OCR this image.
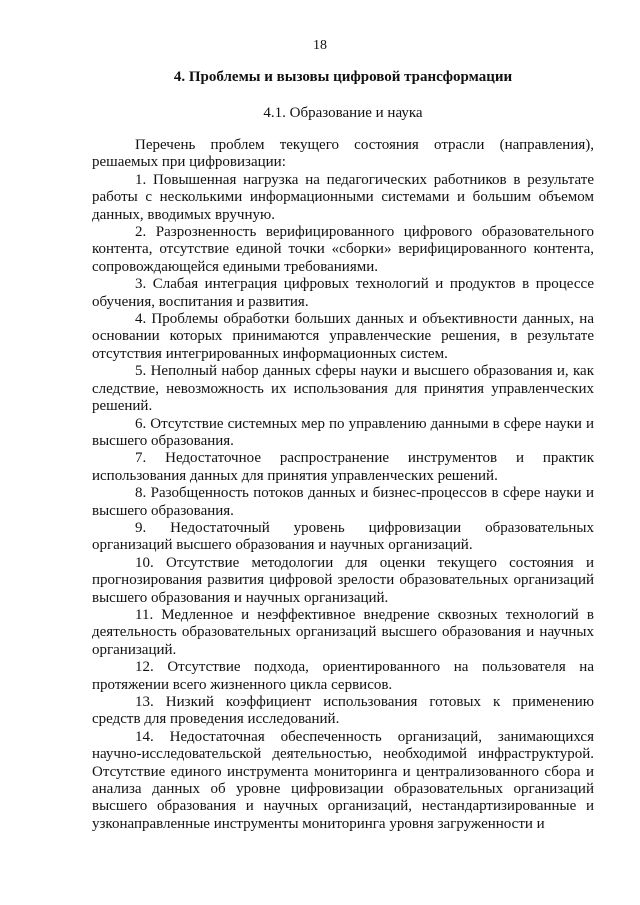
18
4. Проблемы и вызовы цифровой трансформации
4.1. Образование и наука

Перечень проблем текущего состояния отрасли (направления), решаемых при цифровизации:

1. Повышенная нагрузка на педагогических работников в результате работы с несколькими информационными системами и большим объемом данных, вводимых вручную.

2. Разрозненность верифицированного цифрового образовательного контента, отсутствие единой точки «сборки» верифицированного контента, сопровождающейся едиными требованиями.

3. Слабая интеграция цифровых технологий и продуктов в процессе обучения, воспитания и развития.

4. Проблемы обработки больших данных и объективности данных, на основании которых принимаются управленческие решения, в результате отсутствия интегрированных информационных систем.

5. Неполный набор данных сферы науки и высшего образования и, как следствие, невозможность их использования для принятия управленческих решений.

6. Отсутствие системных мер по управлению данными в сфере науки и высшего образования.

7. Недостаточное распространение инструментов и практик использования данных для принятия управленческих решений.

8. Разобщенность потоков данных и бизнес-процессов в сфере науки и высшего образования.

9. Недостаточный уровень цифровизации образовательных организаций высшего образования и научных организаций.

10. Отсутствие методологии для оценки текущего состояния и прогнозирования развития цифровой зрелости образовательных организаций высшего образования и научных организаций.

11. Медленное и неэффективное внедрение сквозных технологий в деятельность образовательных организаций высшего образования и научных организаций.

12. Отсутствие подхода, ориентированного на пользователя на протяжении всего жизненного цикла сервисов.

13. Низкий коэффициент использования готовых к применению средств для проведения исследований.

14. Недостаточная обеспеченность организаций, занимающихся научно-исследовательской деятельностью, необходимой инфраструктурой. Отсутствие единого инструмента мониторинга и централизованного сбора и анализа данных об уровне цифровизации образовательных организаций высшего образования и научных организаций, нестандартизированные и узконаправленные инструменты мониторинга уровня загруженности и
